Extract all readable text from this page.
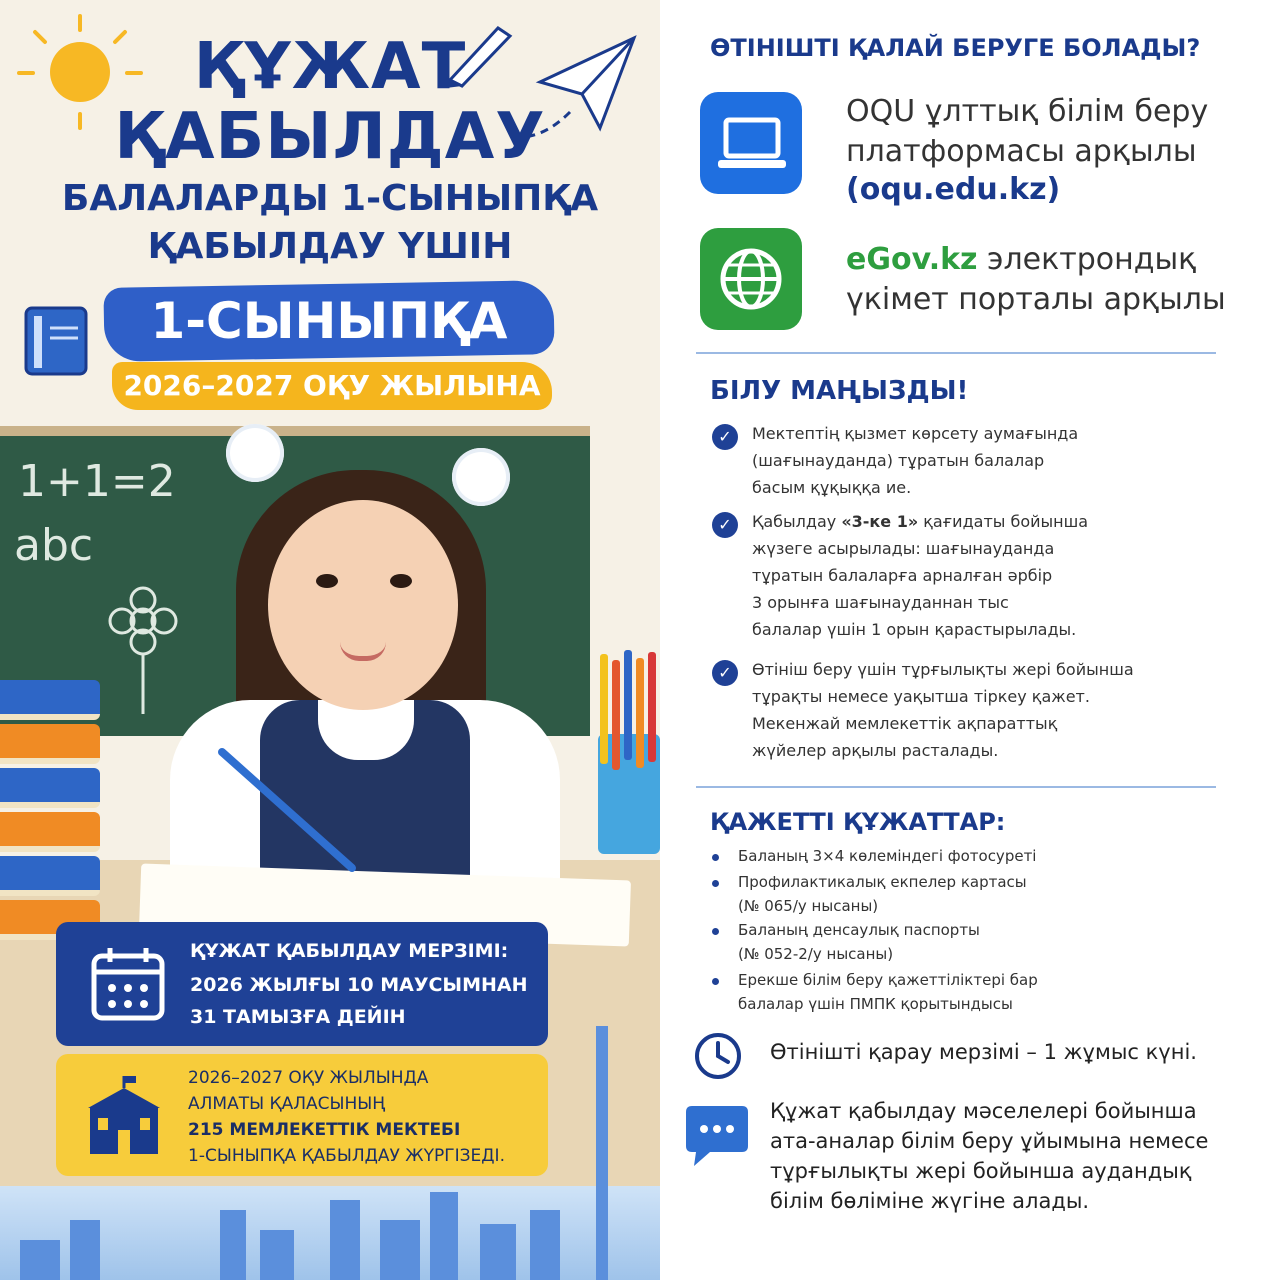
ҚҰЖАТ
ҚАБЫЛДАУ
БАЛАЛАРДЫ 1-СЫНЫПҚА
ҚАБЫЛДАУ ҮШІН
1-СЫНЫПҚА
2026–2027 ОҚУ ЖЫЛЫНА
1+1=2
abc
ҚҰЖАТ ҚАБЫЛДАУ МЕРЗІМІ:
2026 ЖЫЛҒЫ 10 МАУСЫМНАН
31 ТАМЫЗҒА ДЕЙІН
2026–2027 ОҚУ ЖЫЛЫНДА
АЛМАТЫ ҚАЛАСЫНЫҢ
215 МЕМЛЕКЕТТІК МЕКТЕБІ
1-СЫНЫПҚА ҚАБЫЛДАУ ЖҮРГІЗЕДІ.
ӨТІНІШТІ ҚАЛАЙ БЕРУГЕ БОЛАДЫ?
OQU ұлттық білім беру
платформасы арқылы
(oqu.edu.kz)
eGov.kz электрондық
үкімет порталы арқылы
БІЛУ МАҢЫЗДЫ!
✓	Мектептің қызмет көрсету аумағында
(шағынауданда) тұратын балалар
басым құқыққа ие.
✓	Қабылдау «3-ке 1» қағидаты бойынша
жүзеге асырылады: шағынауданда
тұратын балаларға арналған әрбір
3 орынға шағынауданнан тыс
балалар үшін 1 орын қарастырылады.
✓	Өтініш беру үшін тұрғылықты жері бойынша
тұрақты немесе уақытша тіркеу қажет.
Мекенжай мемлекеттік ақпараттық
жүйелер арқылы расталады.
ҚАЖЕТТІ ҚҰЖАТТАР:
Баланың 3×4 көлеміндегі фотосуреті
Профилактикалық екпелер картасы
(№ 065/у нысаны)
Баланың денсаулық паспорты
(№ 052-2/у нысаны)
Ерекше білім беру қажеттіліктері бар
балалар үшін ПМПК қорытындысы
Өтінішті қарау мерзімі – 1 жұмыс күні.
Құжат қабылдау мәселелері бойынша
ата-аналар білім беру ұйымына немесе
тұрғылықты жері бойынша аудандық
білім бөліміне жүгіне алады.
